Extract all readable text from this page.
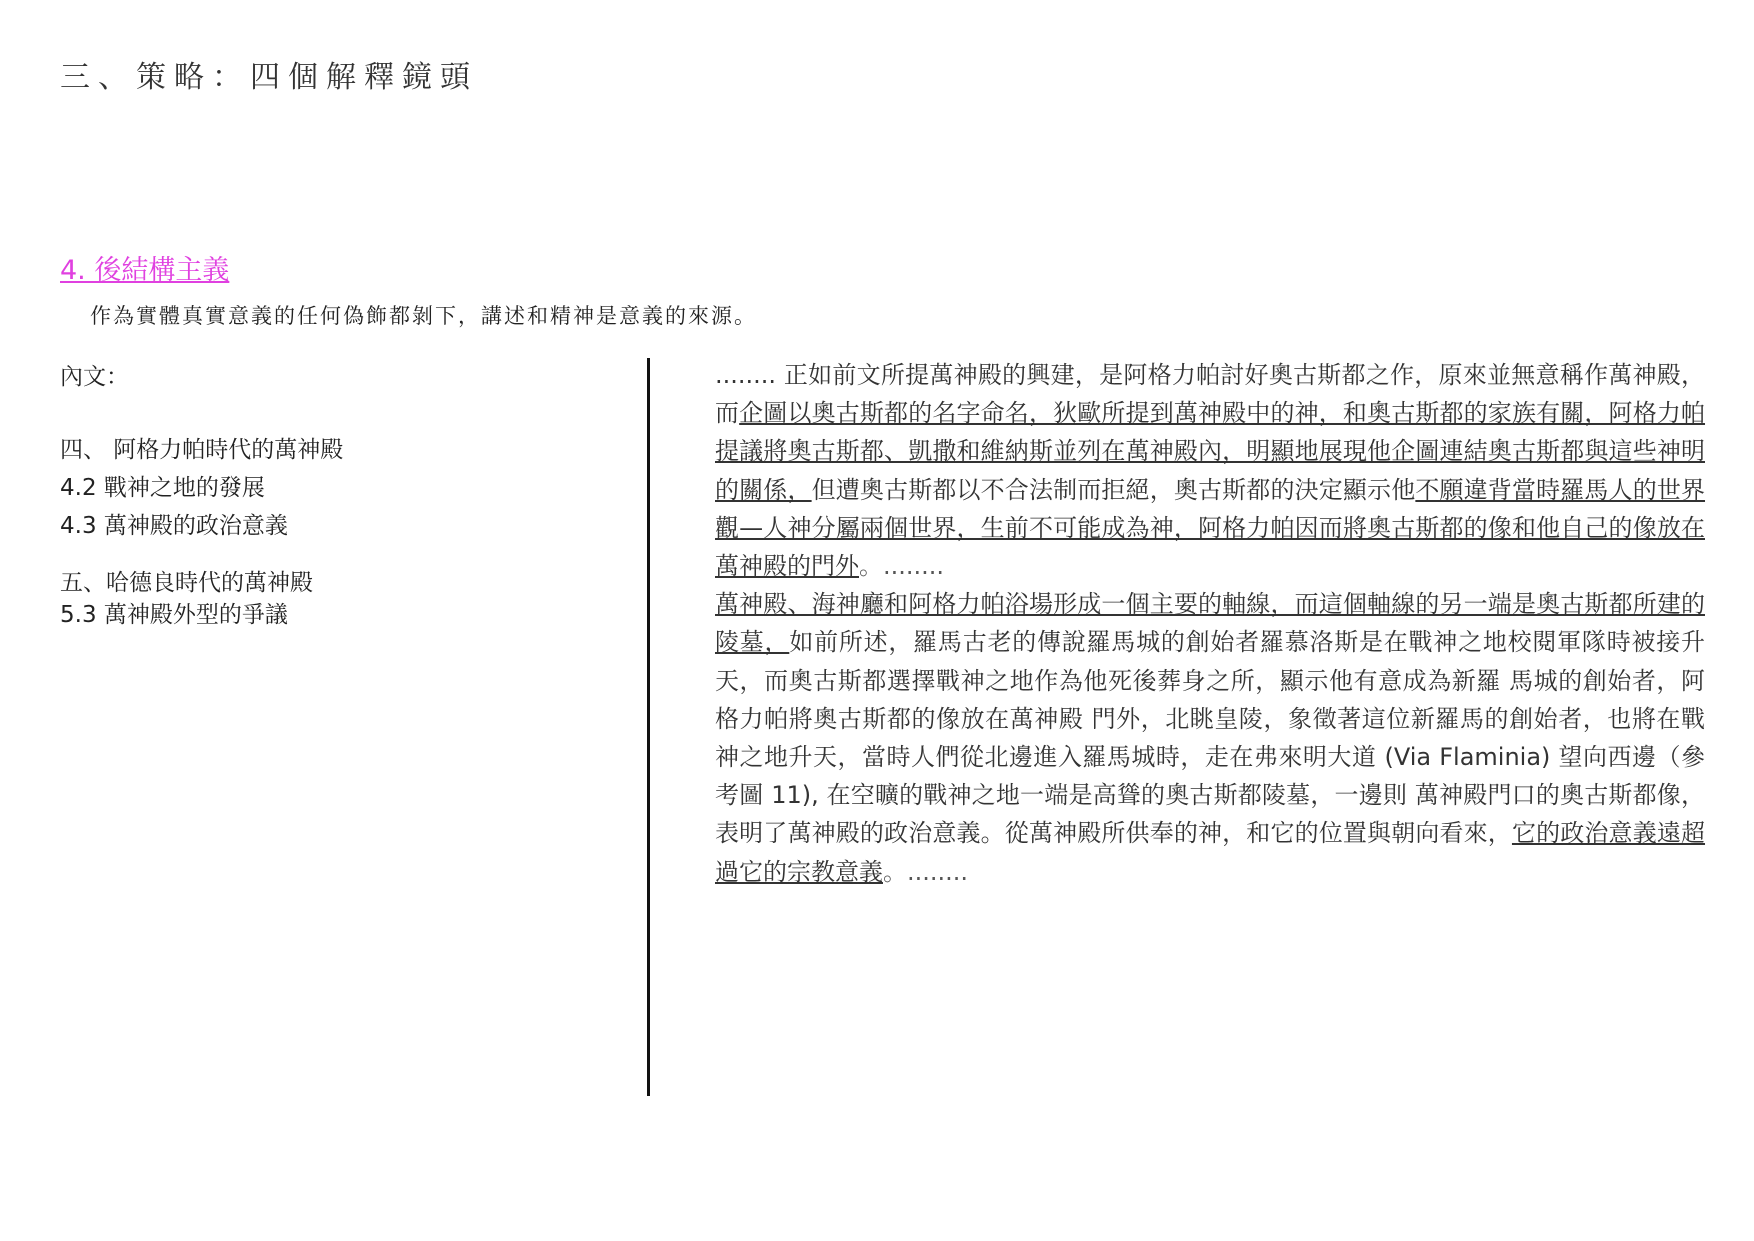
三、策略：四個解釋鏡頭
4. 後結構主義
作為實體真實意義的任何偽飾都剝下，講述和精神是意義的來源。
內文：
四、 阿格力帕時代的萬神殿
4.2 戰神之地的發展
4.3 萬神殿的政治意義
五、哈德良時代的萬神殿
5.3 萬神殿外型的爭議

........ 正如前文所提萬神殿的興建，是阿格力帕討好奧古斯都之作，原來並無意稱作萬神殿，而企圖以奧古斯都的名字命名，狄歐所提到萬神殿中的神，和奧古斯都的家族有關，阿格力帕提議將奧古斯都、凱撒和維納斯並列在萬神殿內，明顯地展現他企圖連結奧古斯都與這些神明的關係，但遭奧古斯都以不合法制而拒絕，奧古斯都的決定顯示他不願違背當時羅馬人的世界觀—人神分屬兩個世界，生前不可能成為神，阿格力帕因而將奧古斯都的像和他自己的像放在萬神殿的門外。........

萬神殿、海神廳和阿格力帕浴場形成一個主要的軸線，而這個軸線的另一端是奧古斯都所建的陵墓，如前所述，羅馬古老的傳說羅馬城的創始者羅慕洛斯是在戰神之地校閱軍隊時被接升天，而奧古斯都選擇戰神之地作為他死後葬身之所，顯示他有意成為新羅 馬城的創始者，阿格力帕將奧古斯都的像放在萬神殿 門外，北眺皇陵，象徵著這位新羅馬的創始者，也將在戰神之地升天，當時人們從北邊進入羅馬城時，走在弗來明大道 (Via Flaminia) 望向西邊（參考圖 11), 在空曠的戰神之地一端是高聳的奧古斯都陵墓，一邊則 萬神殿門口的奧古斯都像，表明了萬神殿的政治意義。從萬神殿所供奉的神，和它的位置與朝向看來，它的政治意義遠超過它的宗教意義。........
